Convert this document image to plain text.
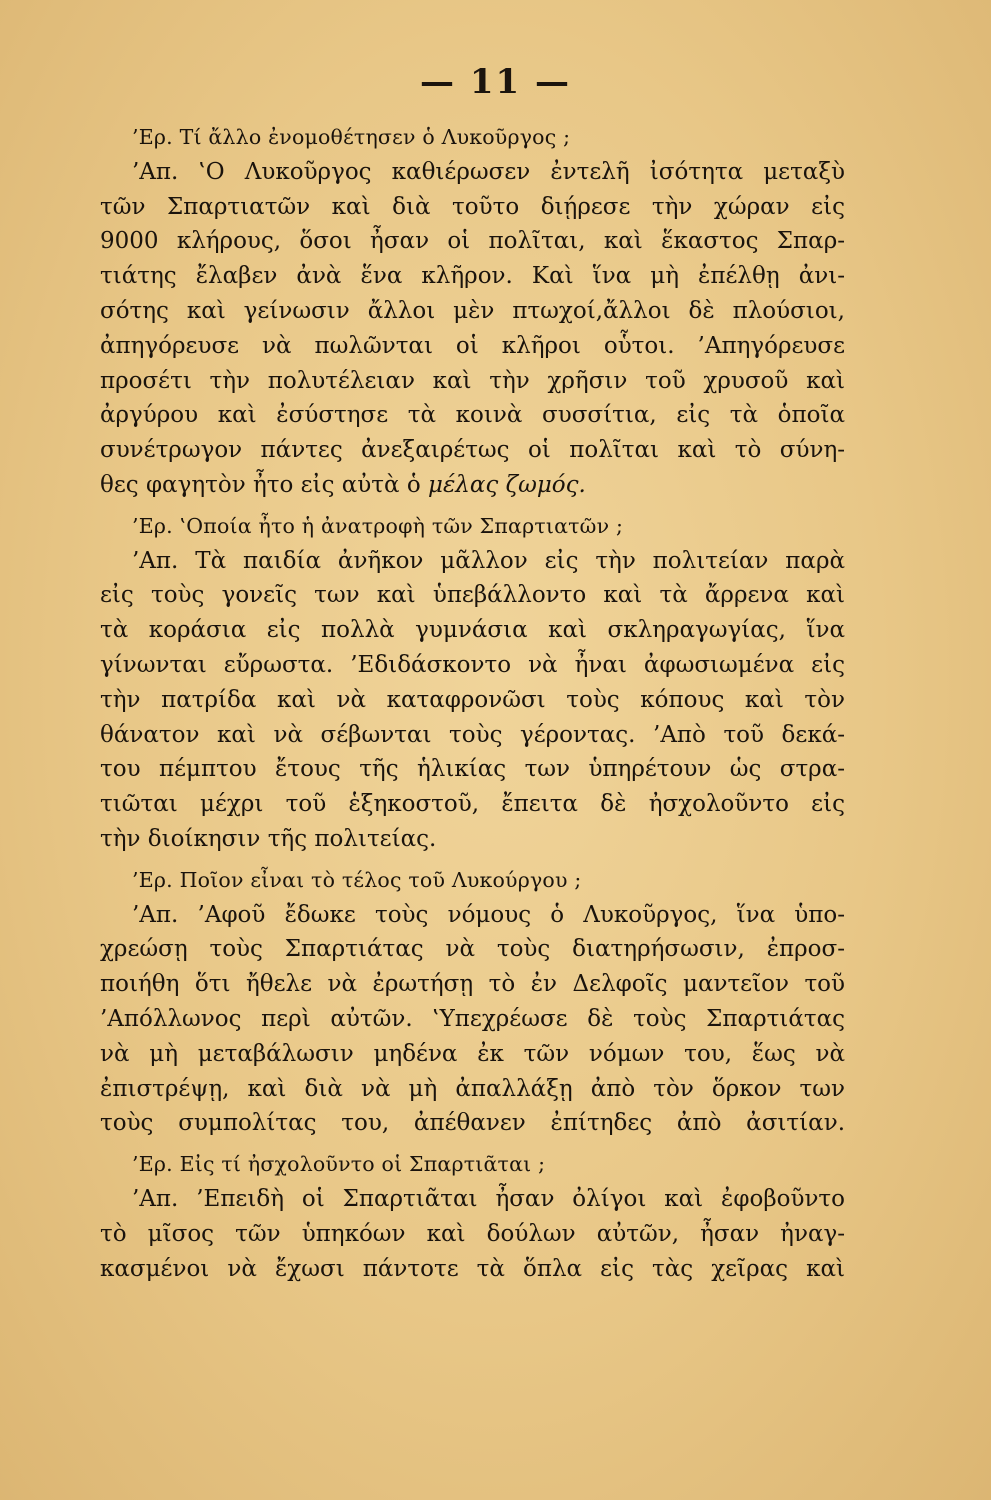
— 11 —
’Ερ. Τί ἄλλο ἐνομοθέτησεν ὁ Λυκοῦργος ;
’Απ. ‛Ο Λυκοῦργος καθιέρωσεν ἐντελῆ ἰσότητα μεταξὺ
τῶν Σπαρτιατῶν καὶ διὰ τοῦτο διῄρεσε τὴν χώραν εἰς
9000 κλήρους, ὅσοι ἦσαν οἱ πολῖται, καὶ ἕκαστος Σπαρ-
τιάτης ἔλαβεν ἀνὰ ἕνα κλῆρον. Καὶ ἵνα μὴ ἐπέλθῃ ἀνι-
σότης καὶ γείνωσιν ἄλλοι μὲν πτωχοί,ἄλλοι δὲ πλούσιοι,
ἀπηγόρευσε νὰ πωλῶνται οἱ κλῆροι οὗτοι. ’Απηγόρευσε
προσέτι τὴν πολυτέλειαν καὶ τὴν χρῆσιν τοῦ χρυσοῦ καὶ
ἀργύρου καὶ ἐσύστησε τὰ κοινὰ συσσίτια, εἰς τὰ ὁποῖα
συνέτρωγον πάντες ἀνεξαιρέτως οἱ πολῖται καὶ τὸ σύνη-
θες φαγητὸν ἦτο εἰς αὐτὰ ὁ μέλας ζωμός.
’Ερ. ‛Οποία ἦτο ἡ ἀνατροφὴ τῶν Σπαρτιατῶν ;
’Απ. Τὰ παιδία ἀνῆκον μᾶλλον εἰς τὴν πολιτείαν παρὰ
εἰς τοὺς γονεῖς των καὶ ὑπεβάλλοντο καὶ τὰ ἄρρενα καὶ
τὰ κοράσια εἰς πολλὰ γυμνάσια καὶ σκληραγωγίας, ἵνα
γίνωνται εὔρωστα. ’Εδιδάσκοντο νὰ ἦναι ἀφωσιωμένα εἰς
τὴν πατρίδα καὶ νὰ καταφρονῶσι τοὺς κόπους καὶ τὸν
θάνατον καὶ νὰ σέβωνται τοὺς γέροντας. ’Απὸ τοῦ δεκά-
του πέμπτου ἔτους τῆς ἡλικίας των ὑπηρέτουν ὡς στρα-
τιῶται μέχρι τοῦ ἑξηκοστοῦ, ἔπειτα δὲ ἠσχολοῦντο εἰς
τὴν διοίκησιν τῆς πολιτείας.
’Ερ. Ποῖον εἶναι τὸ τέλος τοῦ Λυκούργου ;
’Απ. ’Αφοῦ ἔδωκε τοὺς νόμους ὁ Λυκοῦργος, ἵνα ὑπο-
χρεώσῃ τοὺς Σπαρτιάτας νὰ τοὺς διατηρήσωσιν, ἐπροσ-
ποιήθη ὅτι ἤθελε νὰ ἐρωτήσῃ τὸ ἐν Δελφοῖς μαντεῖον τοῦ
’Απόλλωνος περὶ αὐτῶν. ‛Υπεχρέωσε δὲ τοὺς Σπαρτιάτας
νὰ μὴ μεταβάλωσιν μηδένα ἐκ τῶν νόμων του, ἕως νὰ
ἐπιστρέψῃ, καὶ διὰ νὰ μὴ ἀπαλλάξῃ ἀπὸ τὸν ὅρκον των
τοὺς συμπολίτας του, ἀπέθανεν ἐπίτηδες ἀπὸ ἀσιτίαν.
’Ερ. Εἰς τί ἠσχολοῦντο οἱ Σπαρτιᾶται ;
’Απ. ’Επειδὴ οἱ Σπαρτιᾶται ἦσαν ὀλίγοι καὶ ἐφοβοῦντο
τὸ μῖσος τῶν ὑπηκόων καὶ δούλων αὐτῶν, ἦσαν ἠναγ-
κασμένοι νὰ ἔχωσι πάντοτε τὰ ὅπλα εἰς τὰς χεῖρας καὶ
